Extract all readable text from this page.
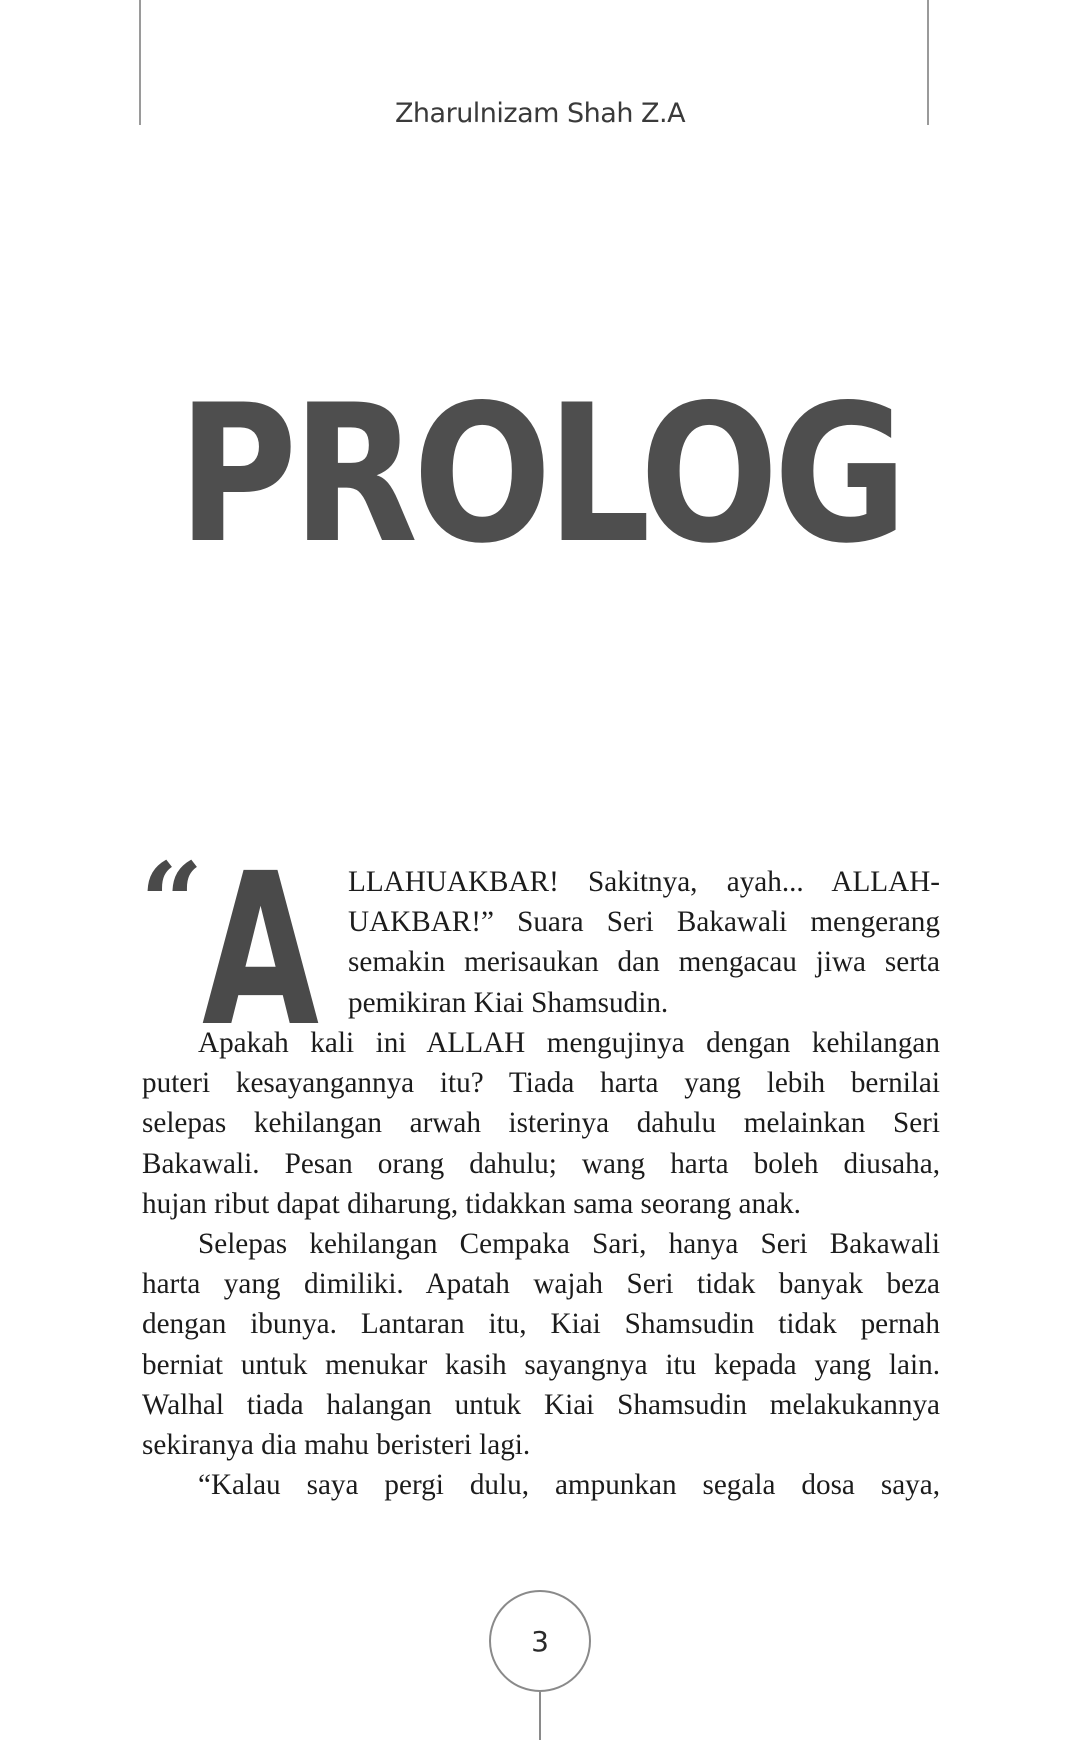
Zharulnizam Shah Z.A
PROLOG
“
A LLAHUAKBAR! Sakitnya, ayah... ALLAH-
UAKBAR!” Suara Seri Bakawali mengerang
semakin merisaukan dan mengacau jiwa serta
pemikiran Kiai Shamsudin.
Apakah kali ini ALLAH mengujinya dengan kehilangan
puteri kesayangannya itu? Tiada harta yang lebih bernilai
selepas kehilangan arwah isterinya dahulu melainkan Seri
Bakawali. Pesan orang dahulu; wang harta boleh diusaha,
hujan ribut dapat diharung, tidakkan sama seorang anak.
Selepas kehilangan Cempaka Sari, hanya Seri Bakawali
harta yang dimiliki. Apatah wajah Seri tidak banyak beza
dengan ibunya. Lantaran itu, Kiai Shamsudin tidak pernah
berniat untuk menukar kasih sayangnya itu kepada yang lain.
Walhal tiada halangan untuk Kiai Shamsudin melakukannya
sekiranya dia mahu beristeri lagi.
“Kalau saya pergi dulu, ampunkan segala dosa saya,
3
